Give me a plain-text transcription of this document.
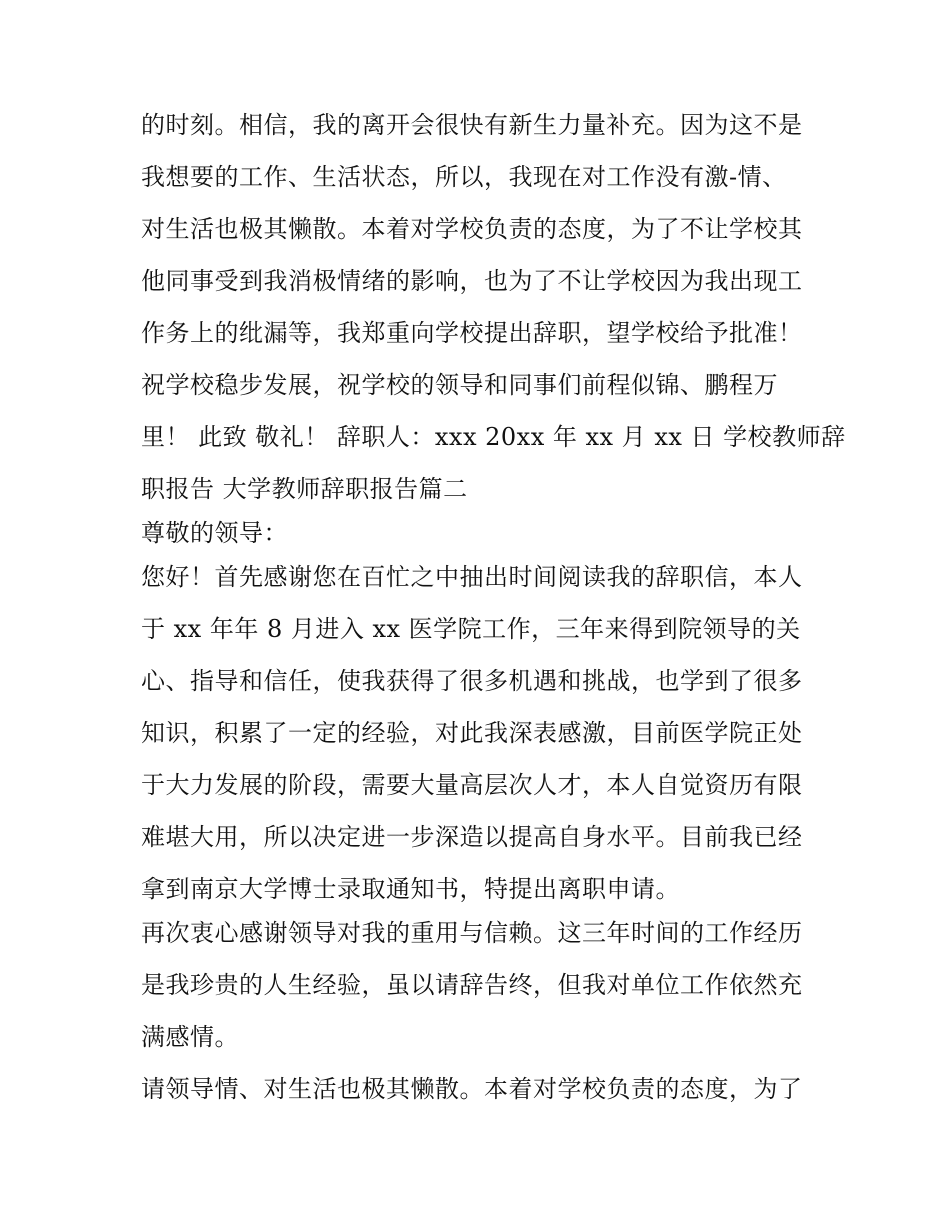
的时刻。相信，我的离开会很快有新生力量补充。因为这不是
我想要的工作、生活状态，所以，我现在对工作没有激-情、
对生活也极其懒散。本着对学校负责的态度，为了不让学校其
他同事受到我消极情绪的影响，也为了不让学校因为我出现工
作务上的纰漏等，我郑重向学校提出辞职，望学校给予批准！
祝学校稳步发展，祝学校的领导和同事们前程似锦、鹏程万
里！ 此致 敬礼！ 辞职人：xxx 20xx 年 xx 月 xx 日 学校教师辞
职报告 大学教师辞职报告篇二
尊敬的领导：
您好！首先感谢您在百忙之中抽出时间阅读我的辞职信，本人
于 xx 年年 8 月进入 xx 医学院工作，三年来得到院领导的关
心、指导和信任，使我获得了很多机遇和挑战，也学到了很多
知识，积累了一定的经验，对此我深表感激，目前医学院正处
于大力发展的阶段，需要大量高层次人才，本人自觉资历有限
难堪大用，所以决定进一步深造以提高自身水平。目前我已经
拿到南京大学博士录取通知书，特提出离职申请。
再次衷心感谢领导对我的重用与信赖。这三年时间的工作经历
是我珍贵的人生经验，虽以请辞告终，但我对单位工作依然充
满感情。
请领导情、对生活也极其懒散。本着对学校负责的态度，为了
